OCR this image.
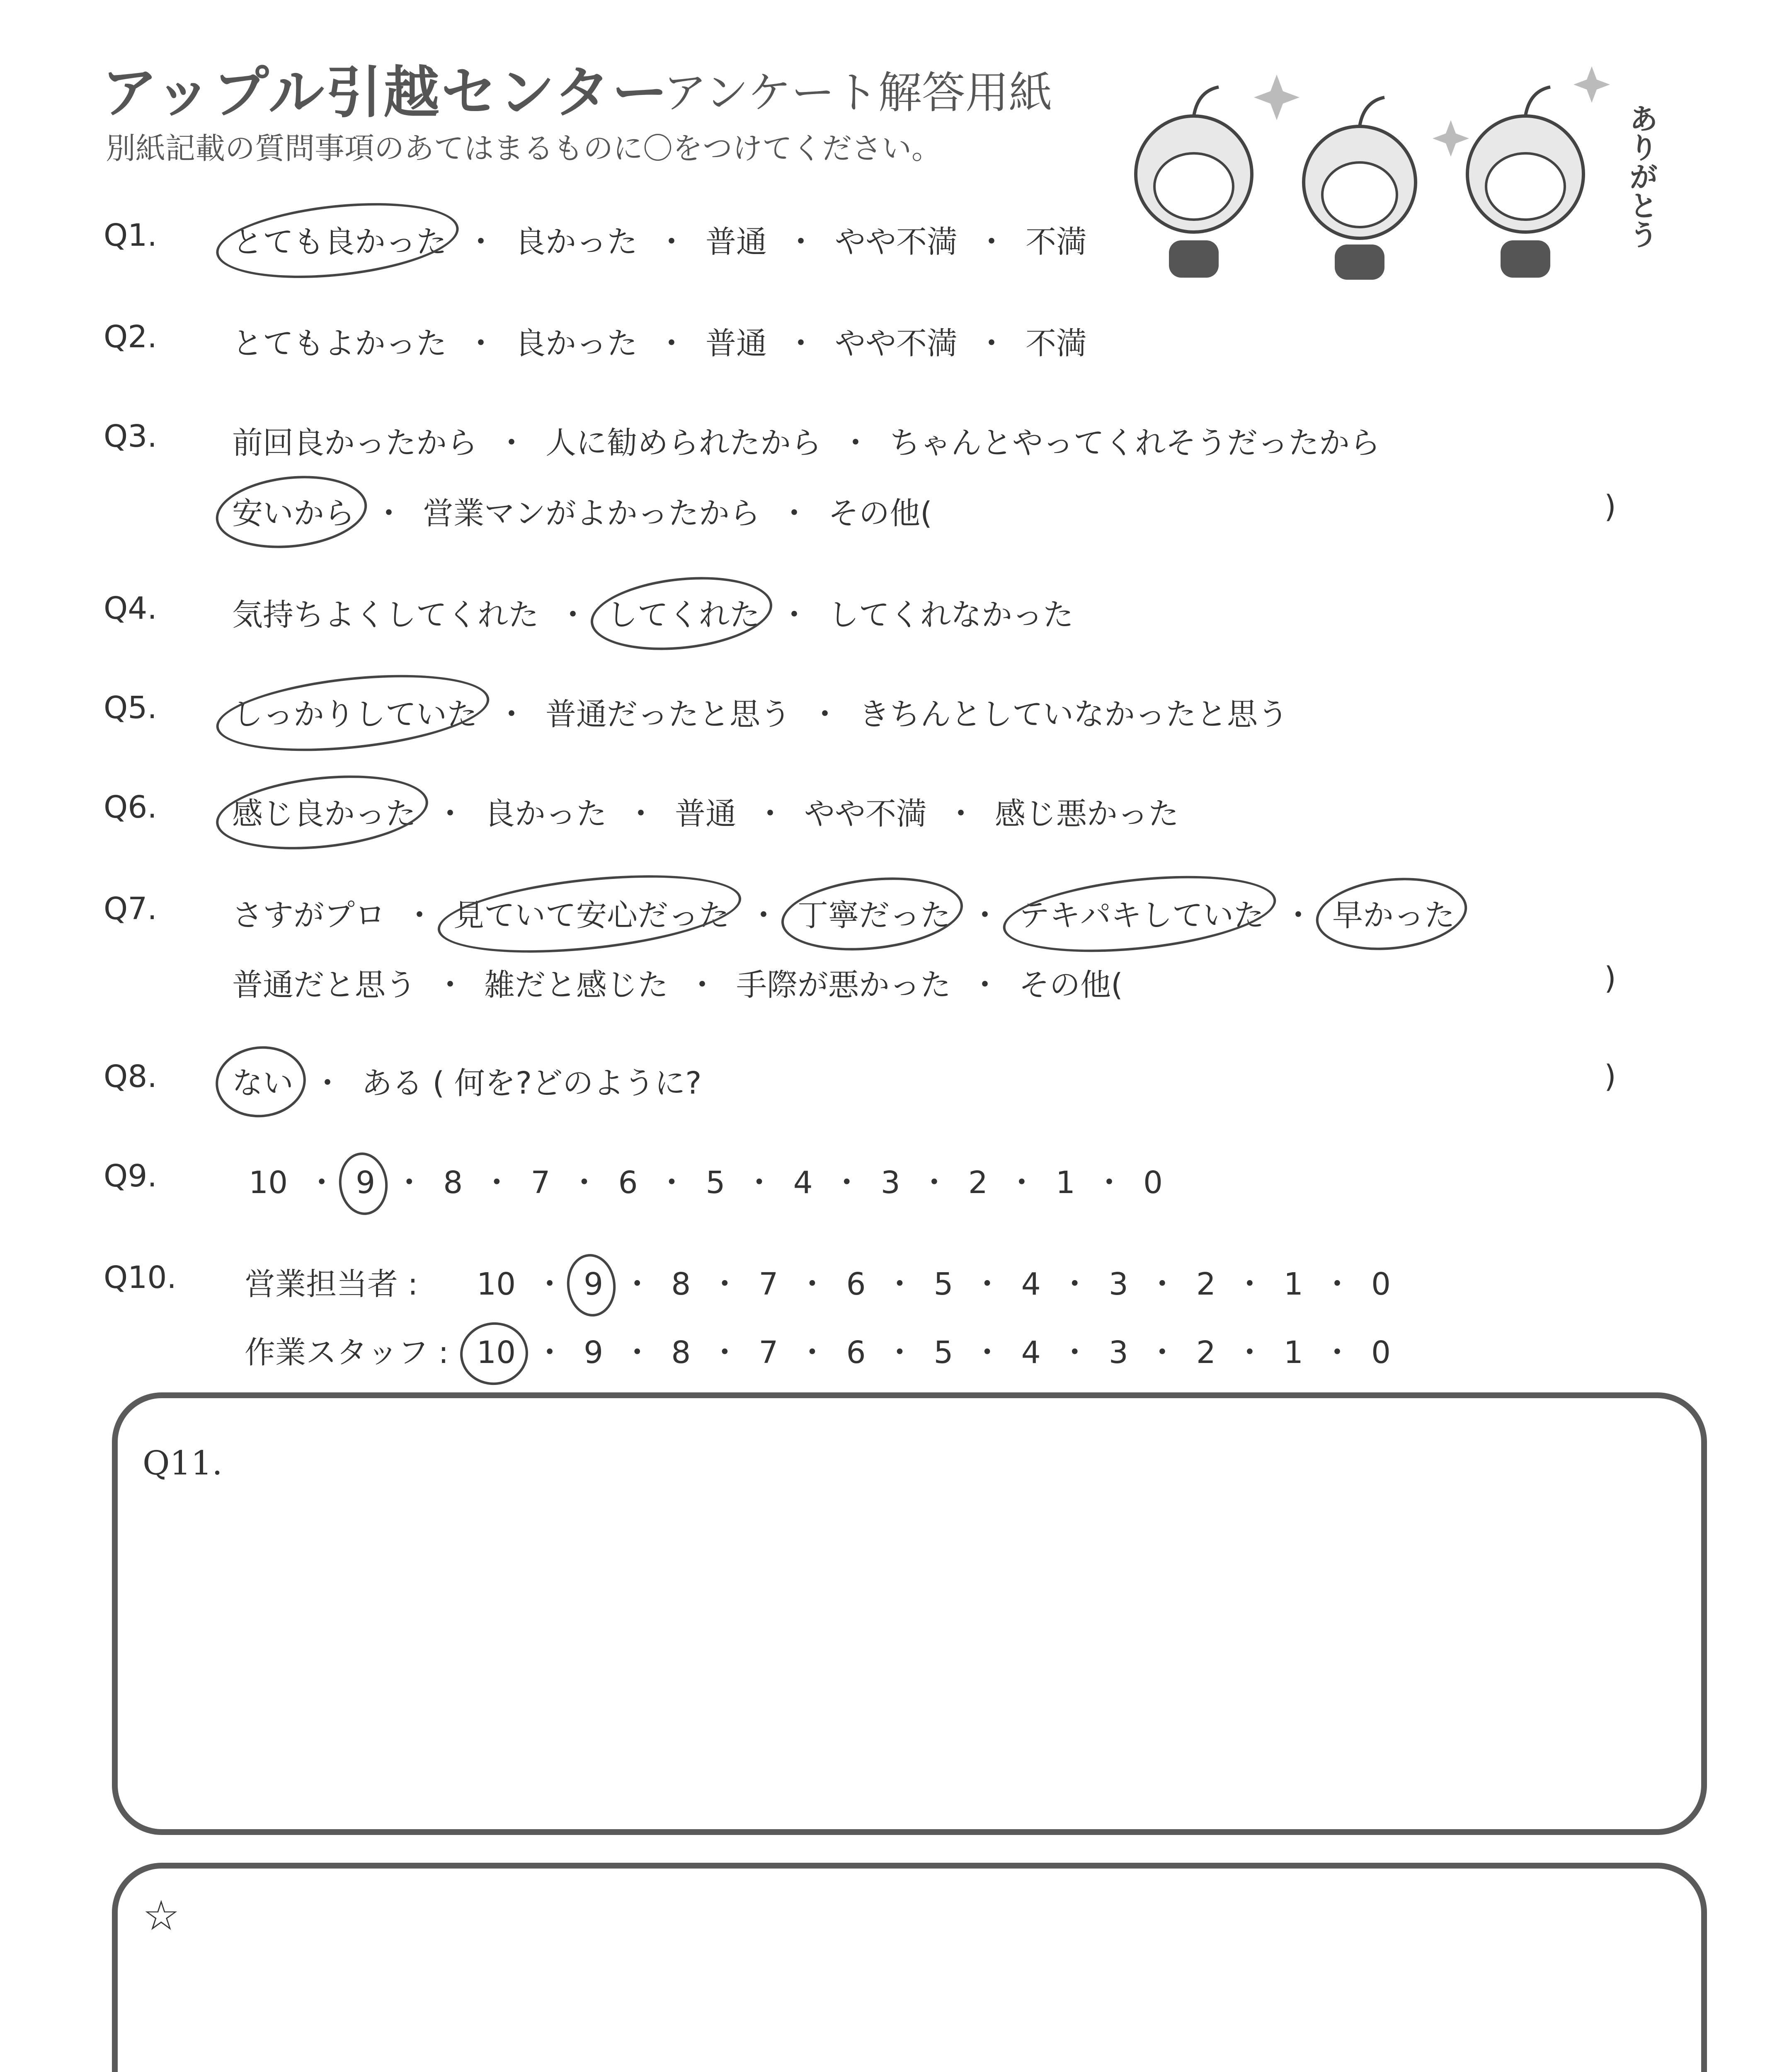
アップル引越センター
アンケート解答用紙
別紙記載の質問事項のあてはまるものに〇をつけてください。	ありがとう
Q1.	とても良かった ・ 良かった ・ 普通 ・ やや不満 ・ 不満
Q2.	とてもよかった ・ 良かった ・ 普通 ・ やや不満 ・ 不満
Q3.	前回良かったから ・ 人に勧められたから ・ ちゃんとやってくれそうだったから
安いから ・ 営業マンがよかったから ・ その他(	)
Q4.	気持ちよくしてくれた ・ してくれた ・ してくれなかった
Q5.	しっかりしていた ・ 普通だったと思う ・ きちんとしていなかったと思う
Q6.	感じ良かった ・ 良かった ・ 普通 ・ やや不満 ・ 感じ悪かった
Q7.	さすがプロ ・ 見ていて安心だった ・ 丁寧だった ・ テキパキしていた ・ 早かった
普通だと思う ・ 雑だと感じた ・ 手際が悪かった ・ その他(	)
Q8.	ない ・ ある ( 何を?どのように?	)
Q9.	10 ・ 9 ・ 8 ・ 7 ・ 6 ・ 5 ・ 4 ・ 3 ・ 2 ・ 1 ・ 0
Q10.	営業担当者 : 10 ・ 9 ・ 8 ・ 7 ・ 6 ・ 5 ・ 4 ・ 3 ・ 2 ・ 1 ・ 0
作業スタッフ : 10 ・ 9 ・ 8 ・ 7 ・ 6 ・ 5 ・ 4 ・ 3 ・ 2 ・ 1 ・ 0
Q11.
☆
